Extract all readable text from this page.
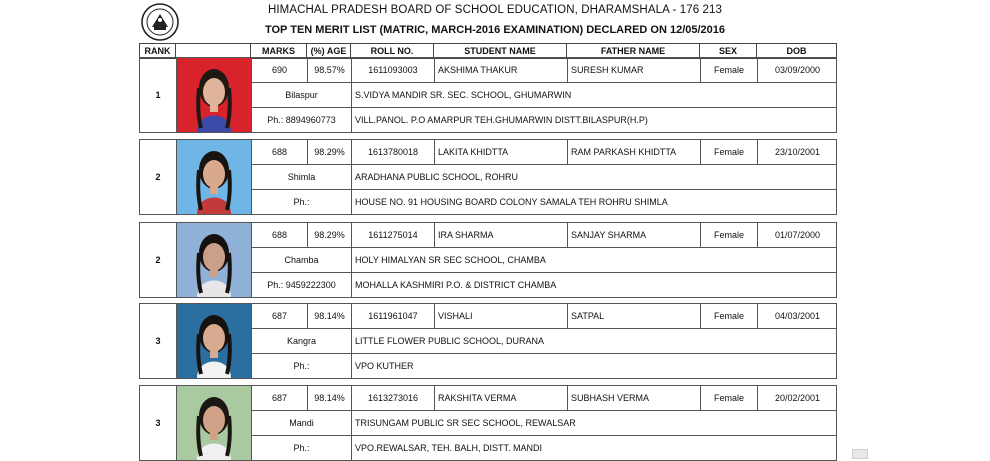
HIMACHAL PRADESH BOARD OF SCHOOL EDUCATION, DHARAMSHALA - 176 213
TOP TEN MERIT LIST (MATRIC, MARCH-2016 EXAMINATION) DECLARED ON 12/05/2016
RANK	MARKS	(%) AGE	ROLL NO.	STUDENT NAME	FATHER NAME	SEX	DOB
1
690	98.57%	1611093003	AKSHIMA THAKUR	SURESH KUMAR	Female	03/09/2000
Bilaspur	S.VIDYA MANDIR SR. SEC. SCHOOL, GHUMARWIN
Ph.: 8894960773	VILL.PANOL. P.O AMARPUR TEH.GHUMARWIN DISTT.BILASPUR(H.P)
2
688	98.29%	1613780018	LAKITA KHIDTTA	RAM PARKASH KHIDTTA	Female	23/10/2001
Shimla	ARADHANA PUBLIC SCHOOL, ROHRU
Ph.:	HOUSE NO. 91 HOUSING BOARD COLONY SAMALA TEH ROHRU SHIMLA
2
688	98.29%	1611275014	IRA SHARMA	SANJAY SHARMA	Female	01/07/2000
Chamba	HOLY HIMALYAN SR SEC SCHOOL, CHAMBA
Ph.: 9459222300	MOHALLA KASHMIRI P.O. & DISTRICT CHAMBA
3
687	98.14%	1611961047	VISHALI	SATPAL	Female	04/03/2001
Kangra	LITTLE FLOWER PUBLIC SCHOOL, DURANA
Ph.:	VPO KUTHER
3
687	98.14%	1613273016	RAKSHITA VERMA	SUBHASH VERMA	Female	20/02/2001
Mandi	TRISUNGAM PUBLIC SR SEC SCHOOL, REWALSAR
Ph.:	VPO.REWALSAR, TEH. BALH, DISTT. MANDI
